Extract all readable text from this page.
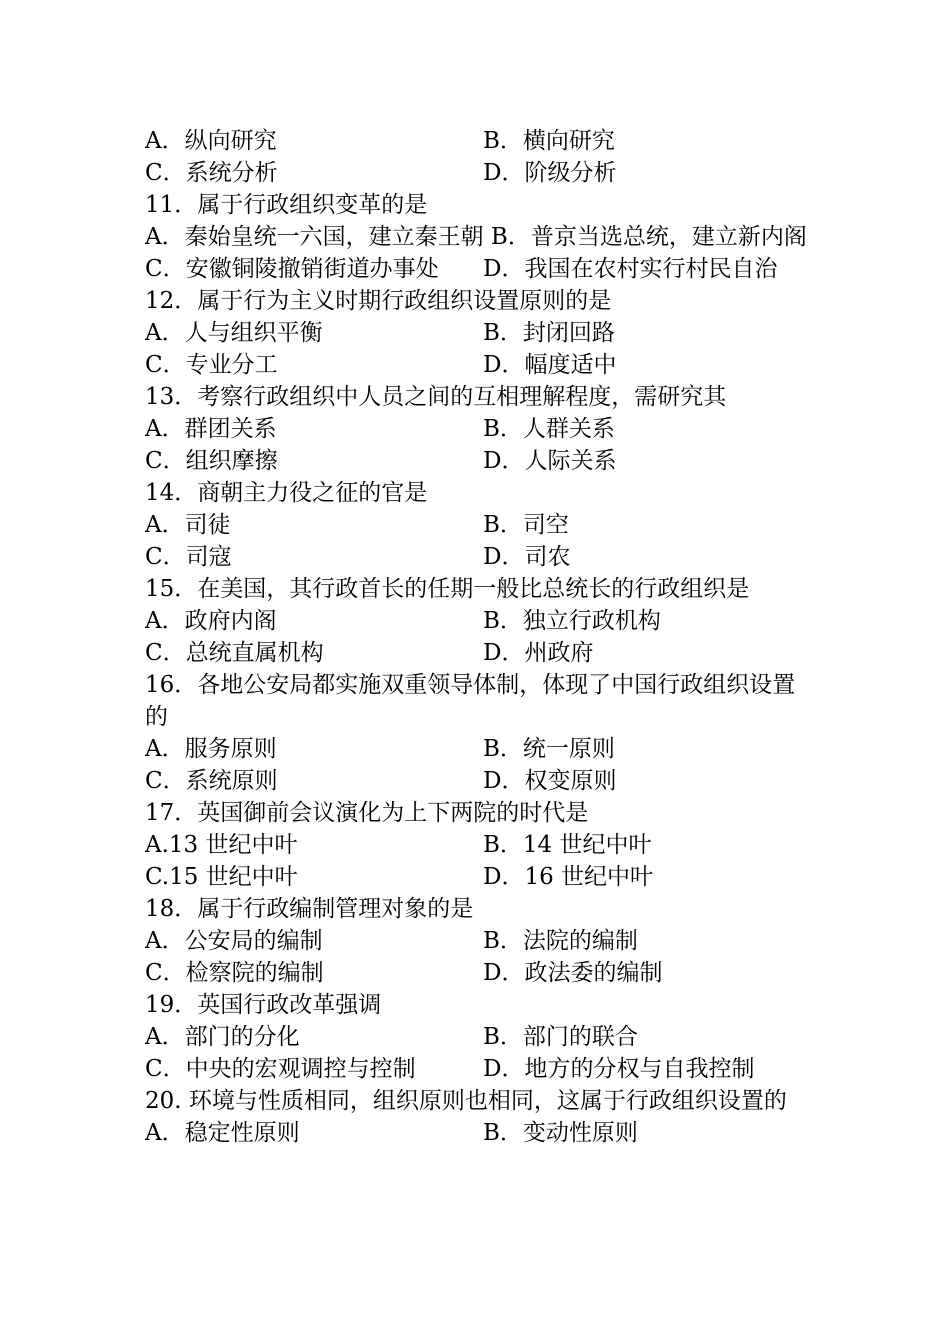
A．纵向研究	B．横向研究
C．系统分析	D．阶级分析
11．属于行政组织变革的是
A．秦始皇统一六国，建立秦王朝 B．普京当选总统，建立新内阁
C．安徽铜陵撤销街道办事处	D．我国在农村实行村民自治
12．属于行为主义时期行政组织设置原则的是
A．人与组织平衡	B．封闭回路
C．专业分工	D．幅度适中
13．考察行政组织中人员之间的互相理解程度，需研究其
A．群团关系	B．人群关系
C．组织摩擦	D．人际关系
14．商朝主力役之征的官是
A．司徒	B．司空
C．司寇	D．司农
15．在美国，其行政首长的任期一般比总统长的行政组织是
A．政府内阁	B．独立行政机构
C．总统直属机构	D．州政府
16．各地公安局都实施双重领导体制，体现了中国行政组织设置的
A．服务原则	B．统一原则
C．系统原则	D．权变原则
17．英国御前会议演化为上下两院的时代是
A.13 世纪中叶	B．14 世纪中叶
C.15 世纪中叶	D．16 世纪中叶
18．属于行政编制管理对象的是
A．公安局的编制	B．法院的编制
C．检察院的编制	D．政法委的编制
19．英国行政改革强调
A．部门的分化	B．部门的联合
C．中央的宏观调控与控制	D．地方的分权与自我控制
20. 环境与性质相同，组织原则也相同，这属于行政组织设置的
A．稳定性原则	B．变动性原则
